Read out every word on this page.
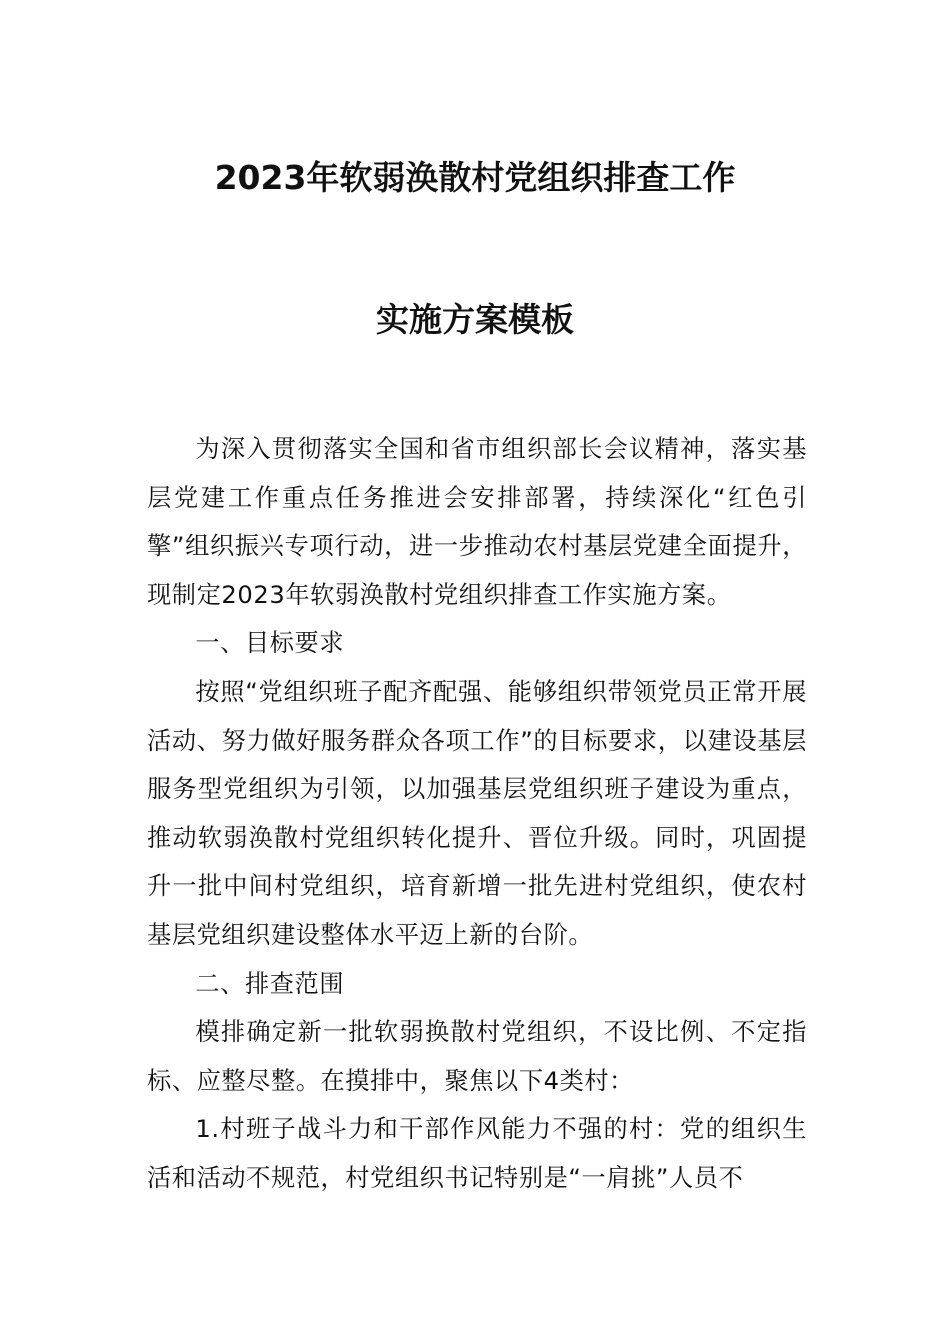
2023年软弱涣散村党组织排查工作
实施方案模板

为深入贯彻落实全国和省市组织部长会议精神，落实基层党建工作重点任务推进会安排部署，持续深化“红色引擎”组织振兴专项行动，进一步推动农村基层党建全面提升，现制定2023年软弱涣散村党组织排查工作实施方案。

一、目标要求

按照“党组织班子配齐配强、能够组织带领党员正常开展活动、努力做好服务群众各项工作”的目标要求，以建设基层服务型党组织为引领，以加强基层党组织班子建设为重点，推动软弱涣散村党组织转化提升、晋位升级。同时，巩固提升一批中间村党组织，培育新增一批先进村党组织，使农村基层党组织建设整体水平迈上新的台阶。

二、排查范围

模排确定新一批软弱换散村党组织，不设比例、不定指标、应整尽整。在摸排中，聚焦以下4类村：

1.村班子战斗力和干部作风能力不强的村：党的组织生活和活动不规范，村党组织书记特别是“一肩挑”人员不
